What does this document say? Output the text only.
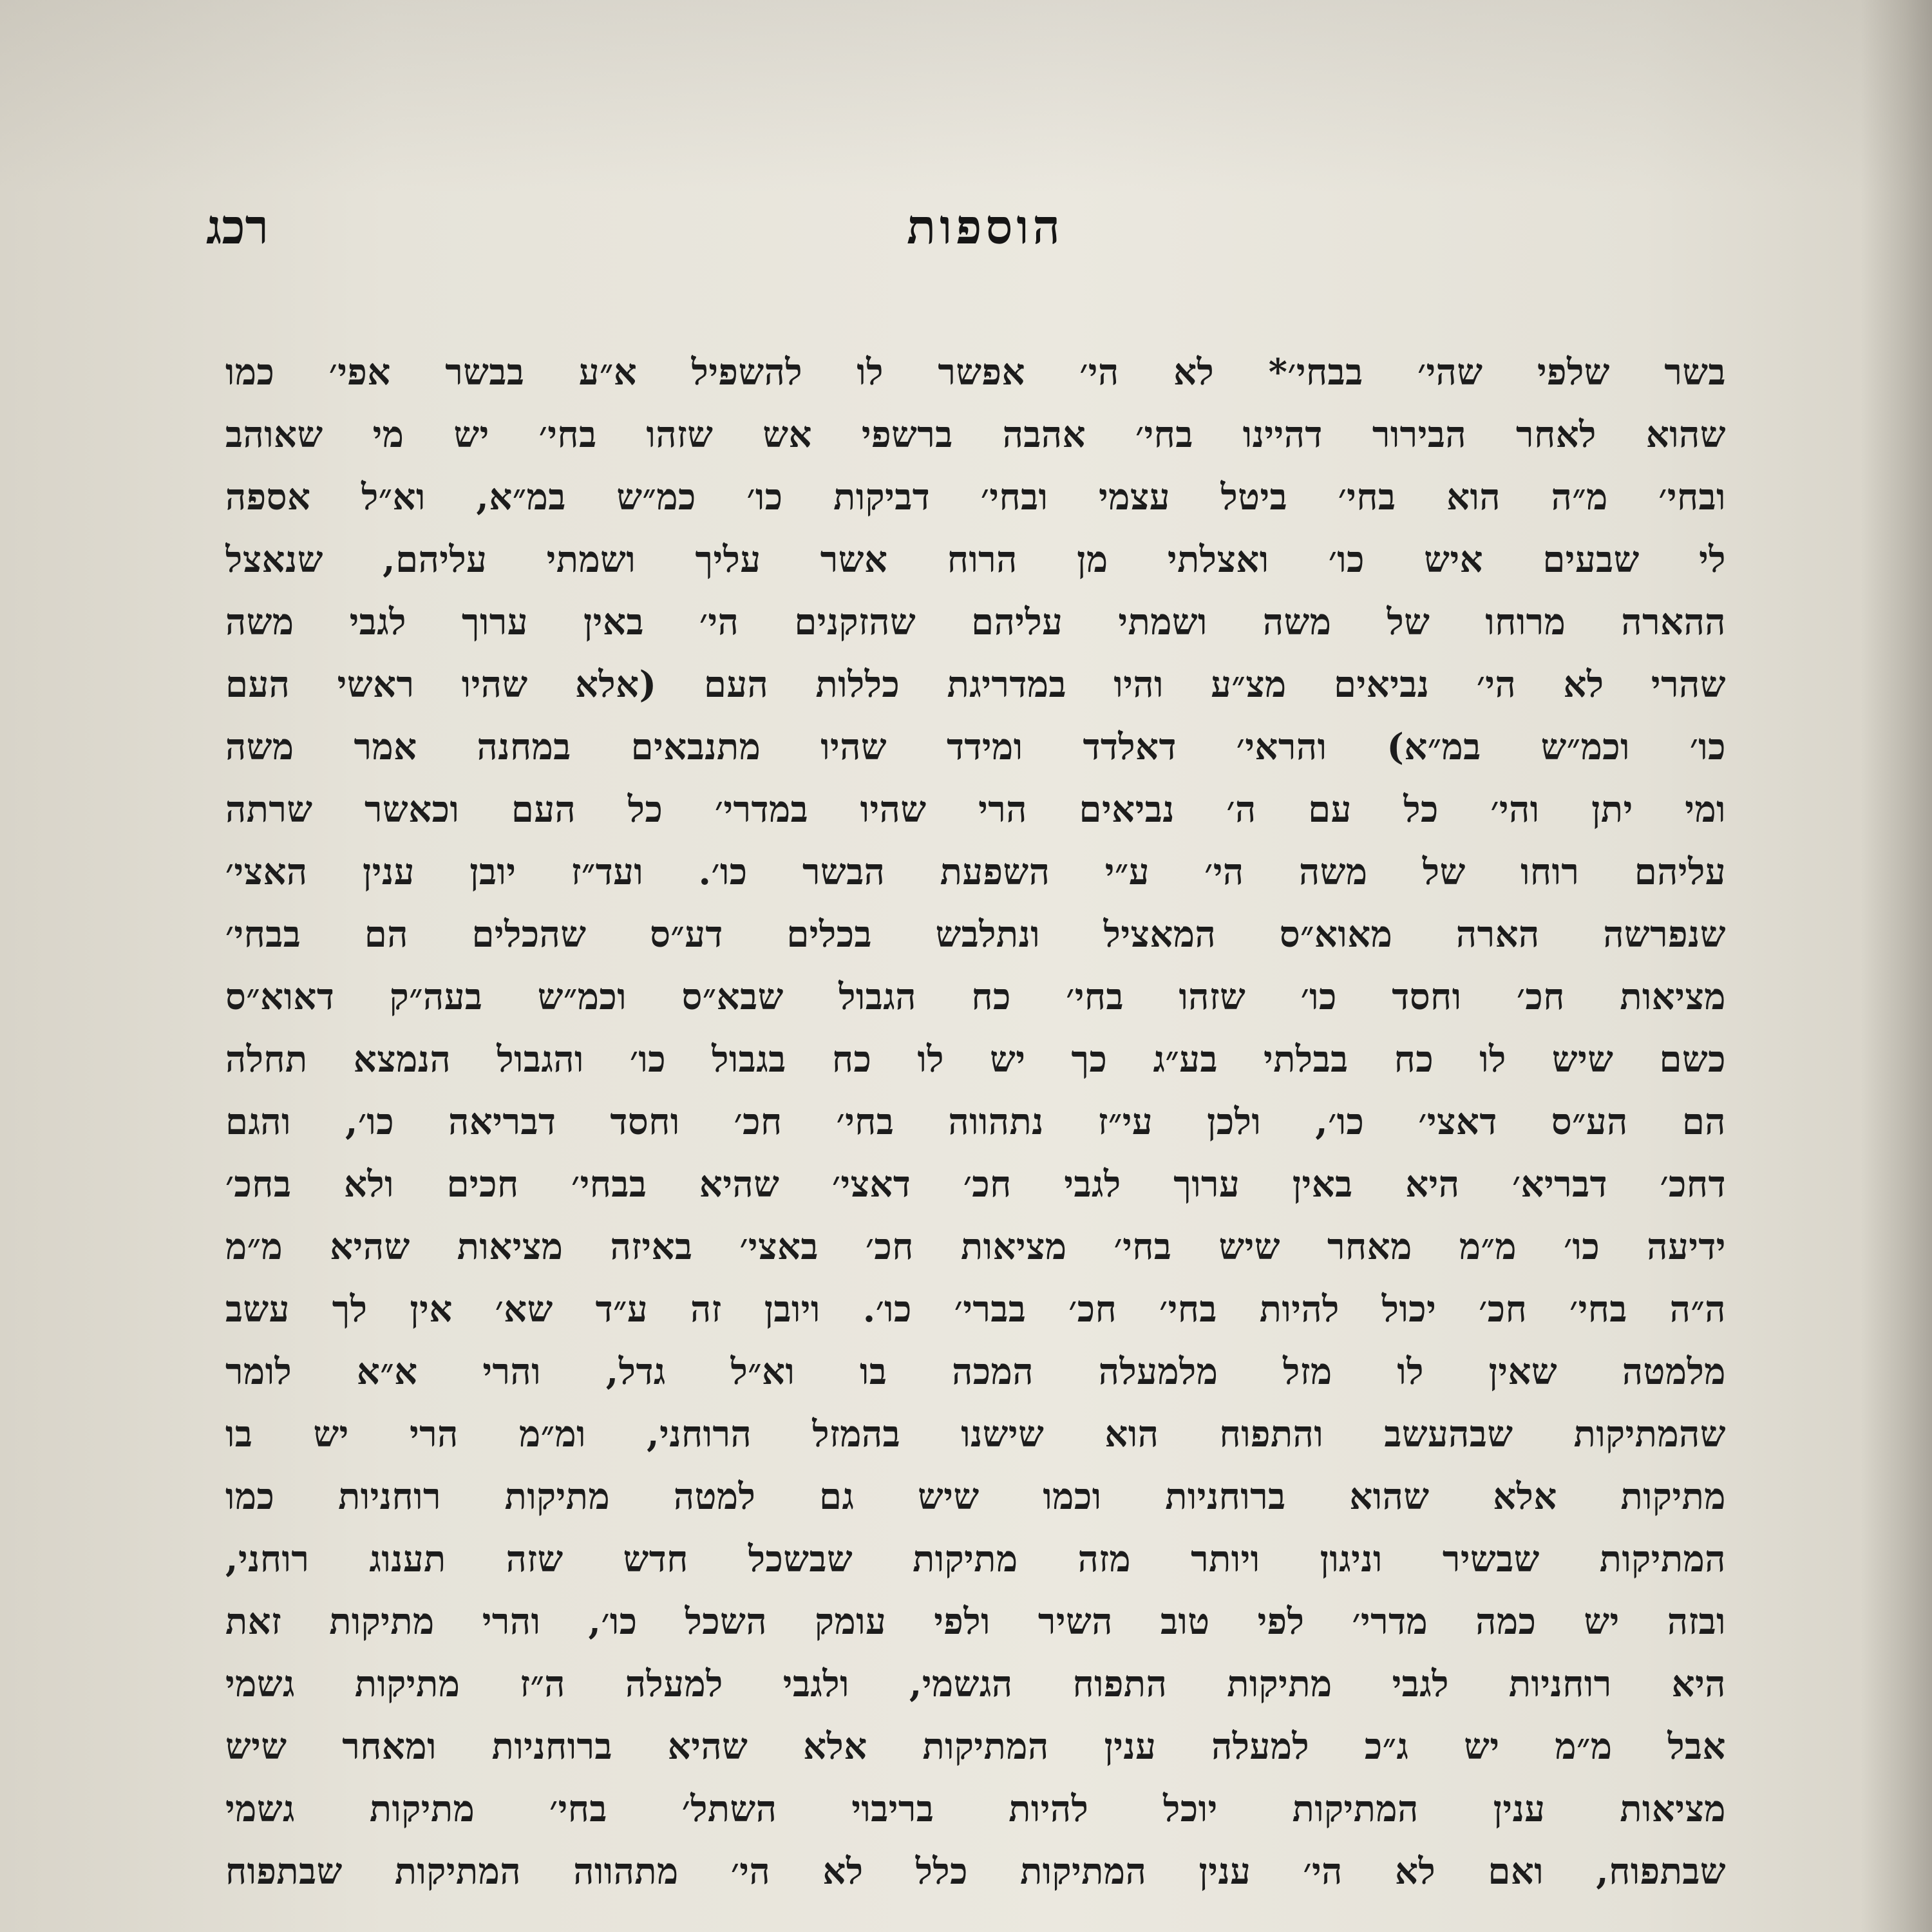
הוספות
רכג
בשר שלפי שהי׳ בבחי׳* לא הי׳ אפשר לו להשפיל א״ע בבשר אפי׳ כמו
שהוא לאחר הבירור דהיינו בחי׳ אהבה ברשפי אש שזהו בחי׳ יש מי שאוהב
ובחי׳ מ״ה הוא בחי׳ ביטל עצמי ובחי׳ דביקות כו׳ כמ״ש במ״א, וא״ל אספה
לי שבעים איש כו׳ ואצלתי מן הרוח אשר עליך ושמתי עליהם, שנאצל
ההארה מרוחו של משה ושמתי עליהם שהזקנים הי׳ באין ערוך לגבי משה
שהרי לא הי׳ נביאים מצ״ע והיו במדריגת כללות העם (אלא שהיו ראשי העם
כו׳ וכמ״ש במ״א) והראי׳ דאלדד ומידד שהיו מתנבאים במחנה אמר משה
ומי יתן והי׳ כל עם ה׳ נביאים הרי שהיו במדרי׳ כל העם וכאשר שרתה
עליהם רוחו של משה הי׳ ע״י השפעת הבשר כו׳. ועד״ז יובן ענין האצי׳
שנפרשה הארה מאוא״ס המאציל ונתלבש בכלים דע״ס שהכלים הם בבחי׳
מציאות חכ׳ וחסד כו׳ שזהו בחי׳ כח הגבול שבא״ס וכמ״ש בעה״ק דאוא״ס
כשם שיש לו כח בבלתי בע״ג כך יש לו כח בגבול כו׳ והגבול הנמצא תחלה
הם הע״ס דאצי׳ כו׳, ולכן עי״ז נתהווה בחי׳ חכ׳ וחסד דבריאה כו׳, והגם
דחכ׳ דבריא׳ היא באין ערוך לגבי חכ׳ דאצי׳ שהיא בבחי׳ חכים ולא בחכ׳
ידיעה כו׳ מ״מ מאחר שיש בחי׳ מציאות חכ׳ באצי׳ באיזה מציאות שהיא מ״מ
ה״ה בחי׳ חכ׳ יכול להיות בחי׳ חכ׳ בברי׳ כו׳. ויובן זה ע״ד שא׳ אין לך עשב
מלמטה שאין לו מזל מלמעלה המכה בו וא״ל גדל, והרי א״א לומר
שהמתיקות שבהעשב והתפוח הוא שישנו בהמזל הרוחני, ומ״מ הרי יש בו
מתיקות אלא שהוא ברוחניות וכמו שיש גם למטה מתיקות רוחניות כמו
המתיקות שבשיר וניגון ויותר מזה מתיקות שבשכל חדש שזה תענוג רוחני,
ובזה יש כמה מדרי׳ לפי טוב השיר ולפי עומק השכל כו׳, והרי מתיקות זאת
היא רוחניות לגבי מתיקות התפוח הגשמי, ולגבי למעלה ה״ז מתיקות גשמי
אבל מ״מ יש ג״כ למעלה ענין המתיקות אלא שהיא ברוחניות ומאחר שיש
מציאות ענין המתיקות יוכל להיות בריבוי השתל׳ בחי׳ מתיקות גשמי
שבתפוח, ואם לא הי׳ ענין המתיקות כלל לא הי׳ מתהווה המתיקות שבתפוח
